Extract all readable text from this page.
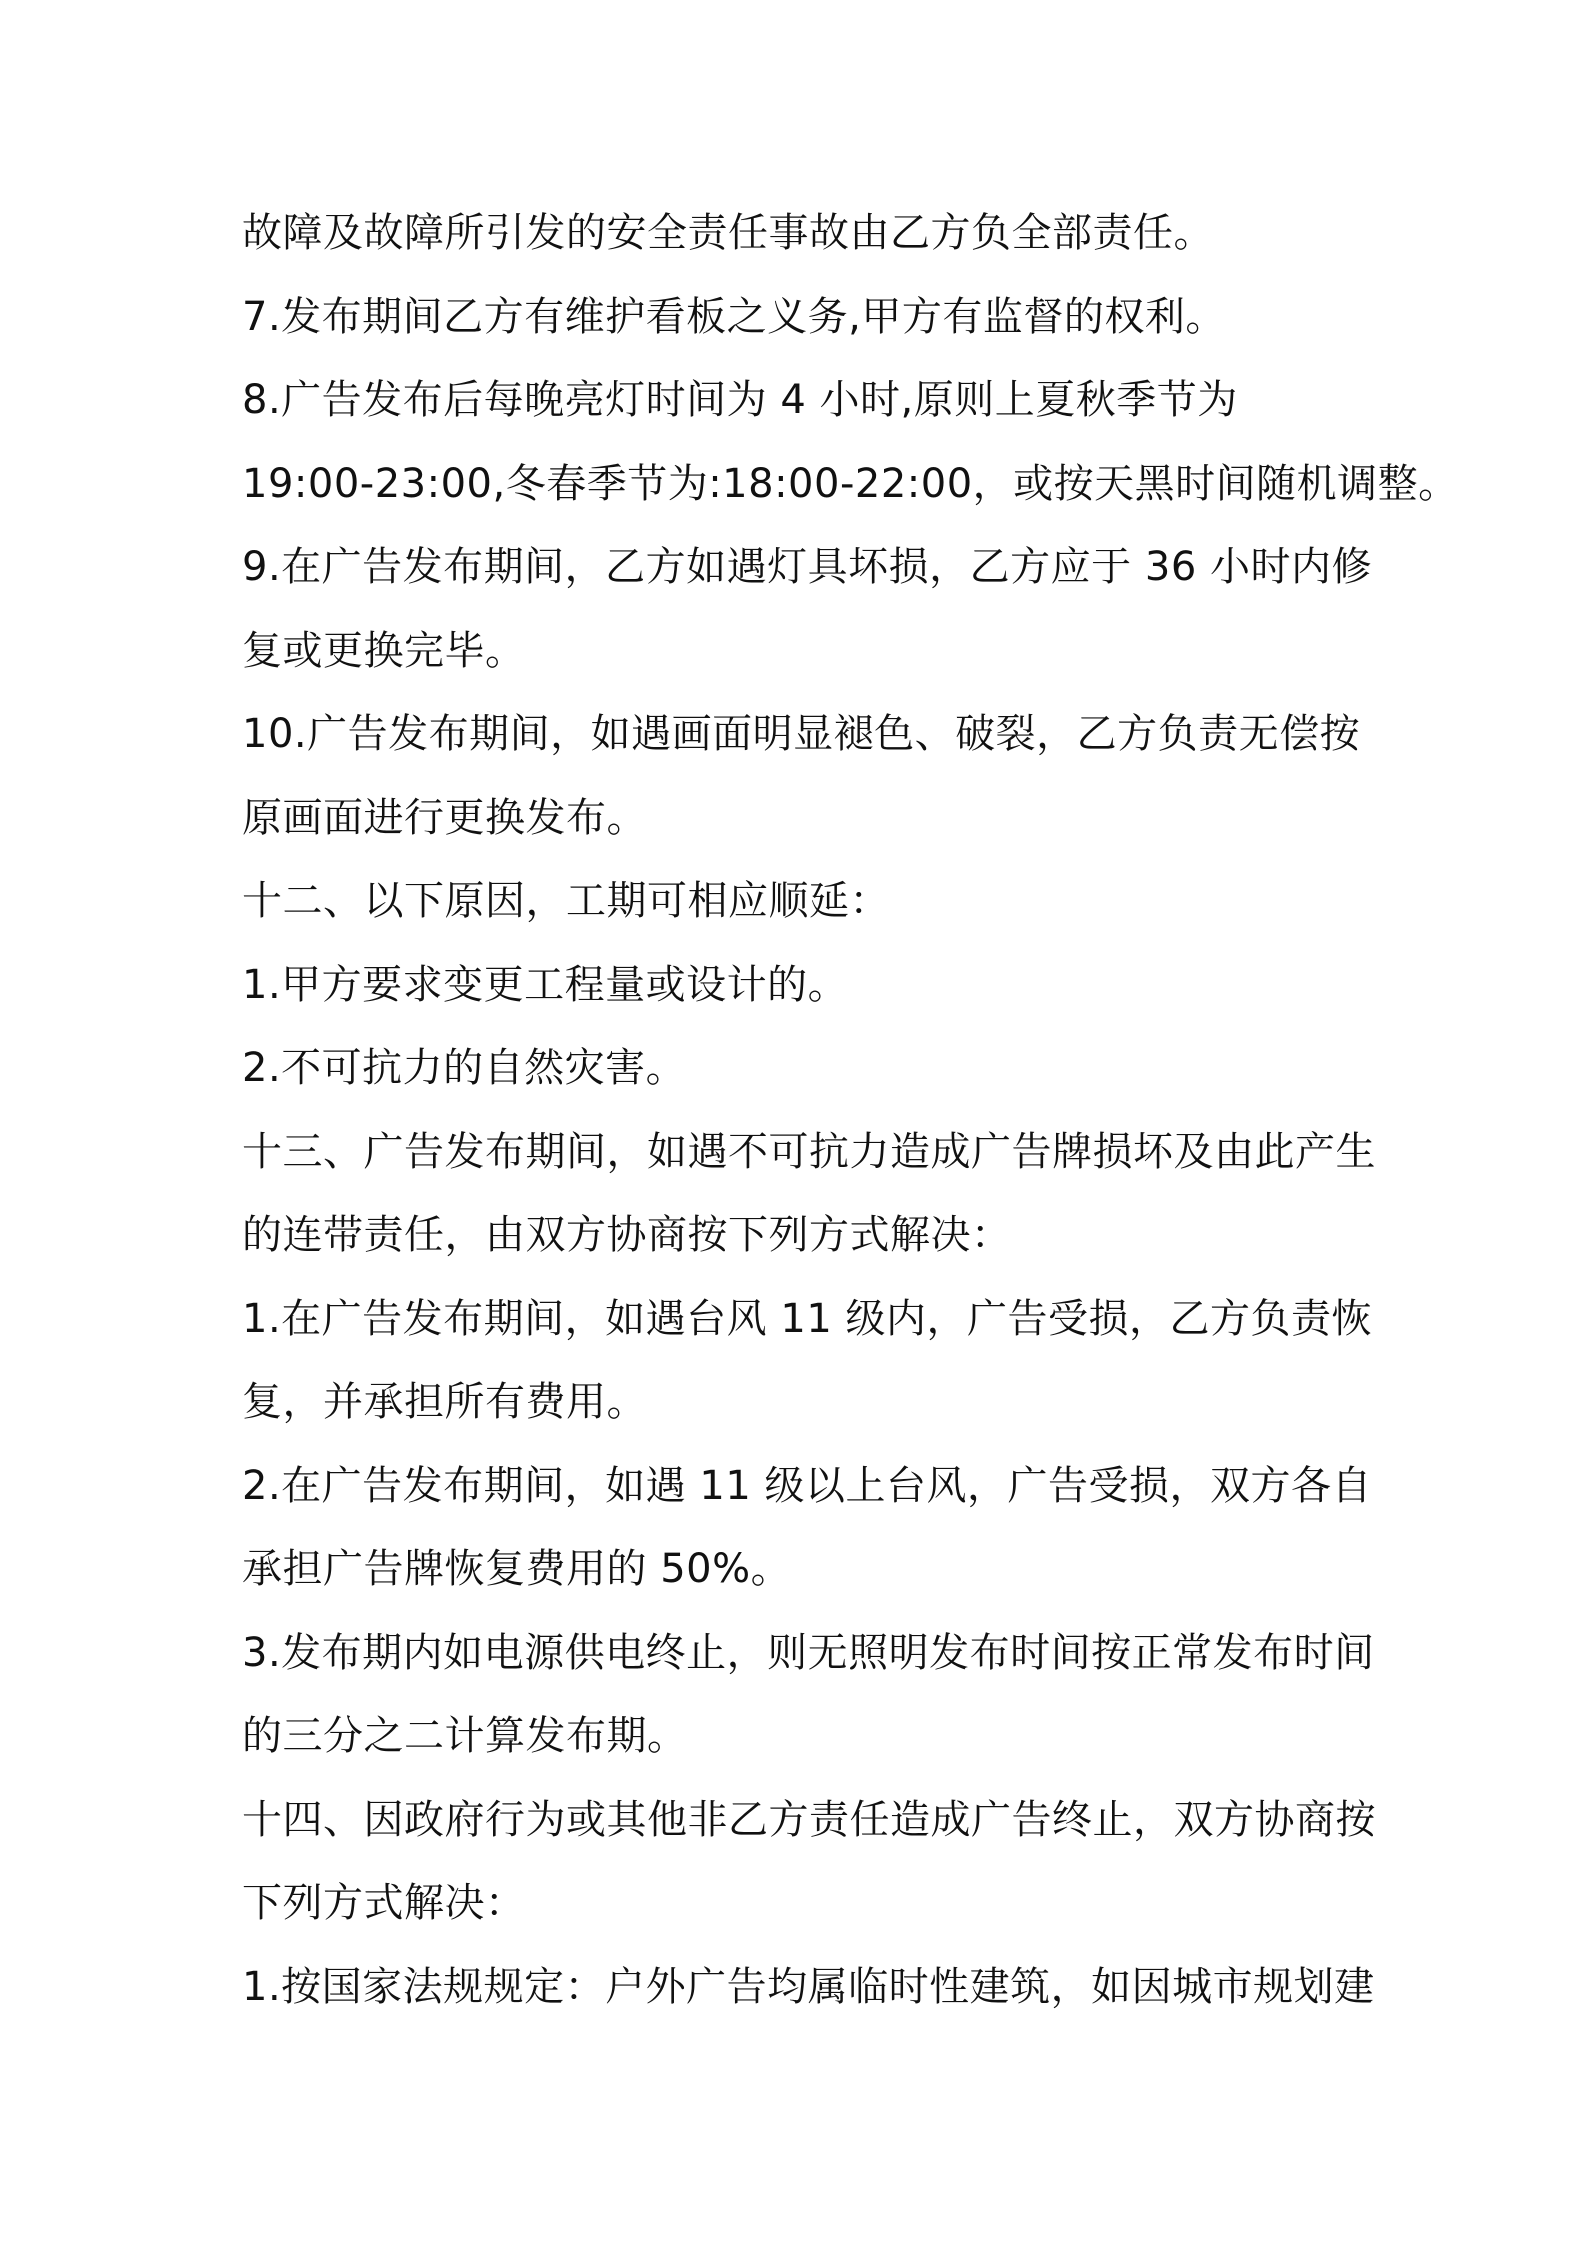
故障及故障所引发的安全责任事故由乙方负全部责任。
7.发布期间乙方有维护看板之义务,甲方有监督的权利。
8.广告发布后每晚亮灯时间为 4 小时,原则上夏秋季节为
19:00-23:00,冬春季节为:18:00-22:00，或按天黑时间随机调整。
9.在广告发布期间，乙方如遇灯具坏损，乙方应于 36 小时内修
复或更换完毕。
10.广告发布期间，如遇画面明显褪色、破裂，乙方负责无偿按
原画面进行更换发布。
十二、以下原因，工期可相应顺延：
1.甲方要求变更工程量或设计的。
2.不可抗力的自然灾害。
十三、广告发布期间，如遇不可抗力造成广告牌损坏及由此产生
的连带责任，由双方协商按下列方式解决：
1.在广告发布期间，如遇台风 11 级内，广告受损，乙方负责恢
复，并承担所有费用。
2.在广告发布期间，如遇 11 级以上台风，广告受损，双方各自
承担广告牌恢复费用的 50%。
3.发布期内如电源供电终止，则无照明发布时间按正常发布时间
的三分之二计算发布期。
十四、因政府行为或其他非乙方责任造成广告终止，双方协商按
下列方式解决：
1.按国家法规规定：户外广告均属临时性建筑，如因城市规划建
